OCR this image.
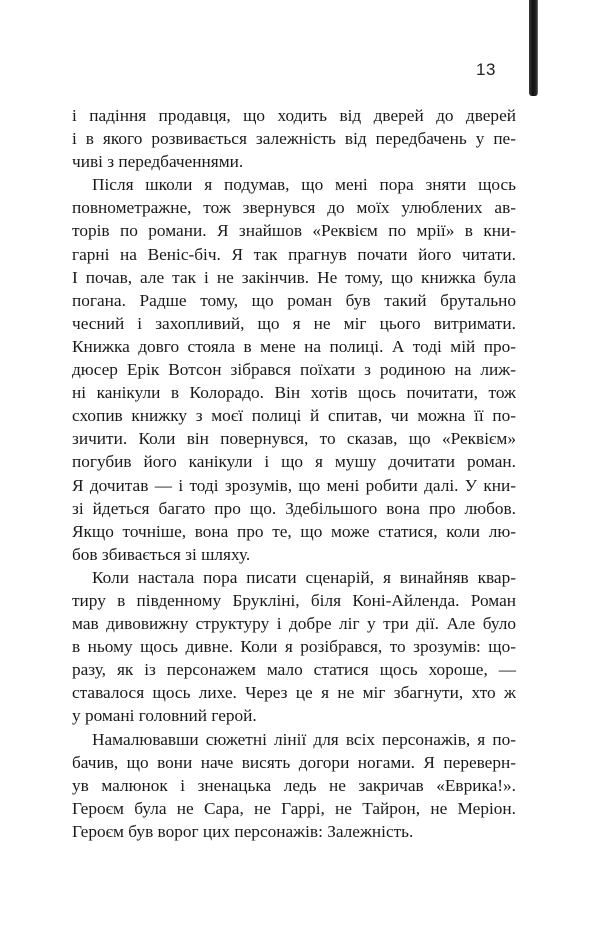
13
і падіння продавця, що ходить від дверей до дверей
і в якого розвивається залежність від передбачень у пе-
чиві з передбаченнями.
Після школи я подумав, що мені пора зняти щось
повнометражне, тож звернувся до моїх улюблених ав-
торів по романи. Я знайшов «Реквієм по мрії» в кни-
гарні на Веніс-біч. Я так прагнув почати його читати.
І почав, але так і не закінчив. Не тому, що книжка була
погана. Радше тому, що роман був такий брутально
чесний і захопливий, що я не міг цього витримати.
Книжка довго стояла в мене на полиці. А тоді мій про-
дюсер Ерік Вотсон зібрався поїхати з родиною на лиж-
ні канікули в Колорадо. Він хотів щось почитати, тож
схопив книжку з моєї полиці й спитав, чи можна її по-
зичити. Коли він повернувся, то сказав, що «Реквієм»
погубив його канікули і що я мушу дочитати роман.
Я дочитав — і тоді зрозумів, що мені робити далі. У кни-
зі йдеться багато про що. Здебільшого вона про любов.
Якщо точніше, вона про те, що може статися, коли лю-
бов збивається зі шляху.
Коли настала пора писати сценарій, я винайняв квар-
тиру в південному Брукліні, біля Коні-Айленда. Роман
мав дивовижну структуру і добре ліг у три дії. Але було
в ньому щось дивне. Коли я розібрався, то зрозумів: що-
разу, як із персонажем мало статися щось хороше, —
ставалося щось лихе. Через це я не міг збагнути, хто ж
у романі головний герой.
Намалювавши сюжетні лінії для всіх персонажів, я по-
бачив, що вони наче висять догори ногами. Я переверн-
ув малюнок і зненацька ледь не закричав «Еврика!».
Героєм була не Сара, не Гаррі, не Тайрон, не Меріон.
Героєм був ворог цих персонажів: Залежність.
